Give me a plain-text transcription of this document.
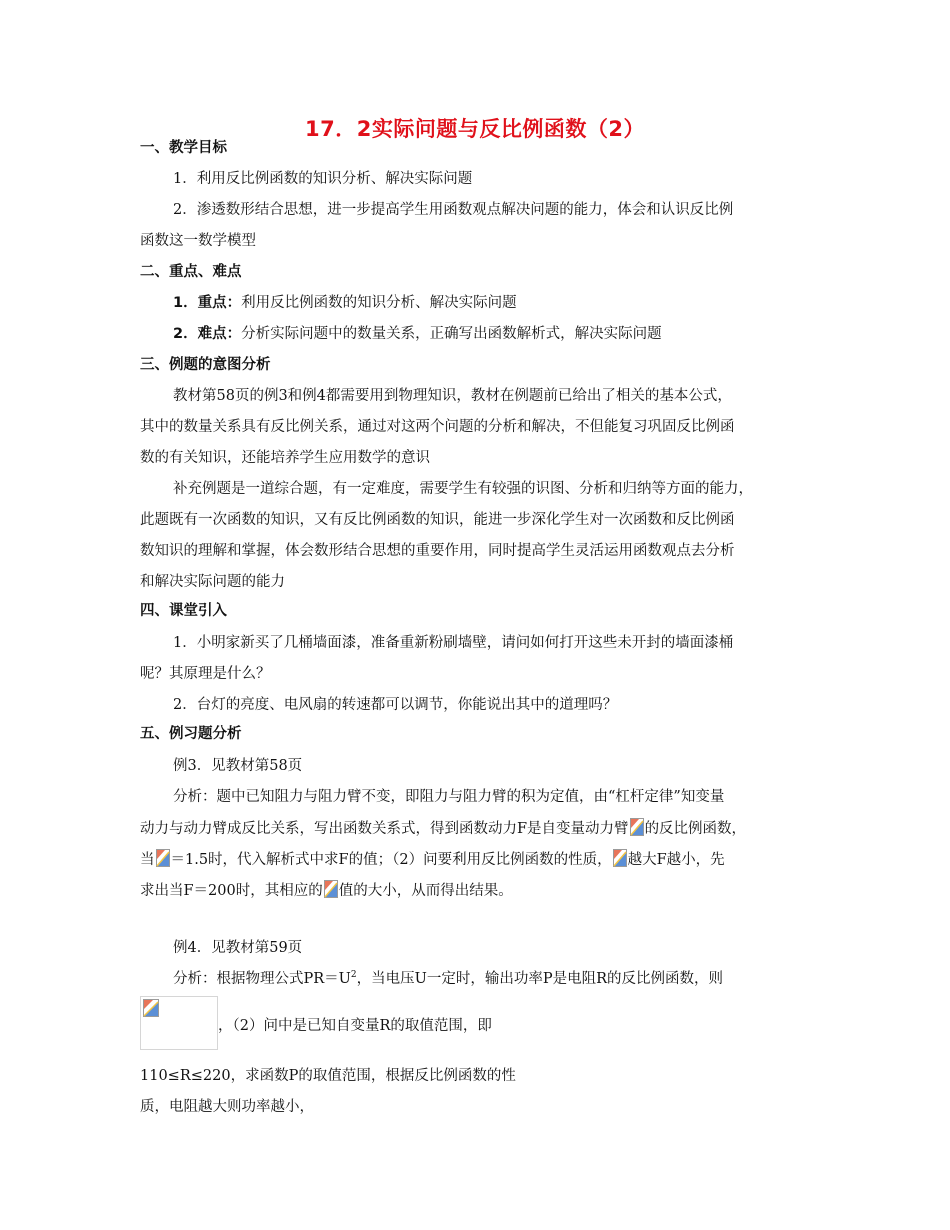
17．2实际问题与反比例函数（2）
一、教学目标
1．利用反比例函数的知识分析、解决实际问题
2．渗透数形结合思想，进一步提高学生用函数观点解决问题的能力，体会和认识反比例
函数这一数学模型
二、重点、难点
1．重点：利用反比例函数的知识分析、解决实际问题
2．难点：分析实际问题中的数量关系，正确写出函数解析式，解决实际问题
三、例题的意图分析
教材第58页的例3和例4都需要用到物理知识，教材在例题前已给出了相关的基本公式，
其中的数量关系具有反比例关系，通过对这两个问题的分析和解决，不但能复习巩固反比例函
数的有关知识，还能培养学生应用数学的意识
补充例题是一道综合题，有一定难度，需要学生有较强的识图、分析和归纳等方面的能力，
此题既有一次函数的知识，又有反比例函数的知识，能进一步深化学生对一次函数和反比例函
数知识的理解和掌握，体会数形结合思想的重要作用，同时提高学生灵活运用函数观点去分析
和解决实际问题的能力
四、课堂引入
1．小明家新买了几桶墙面漆，准备重新粉刷墙壁，请问如何打开这些未开封的墙面漆桶
呢？其原理是什么？
2．台灯的亮度、电风扇的转速都可以调节，你能说出其中的道理吗？
五、例习题分析
例3．见教材第58页
分析：题中已知阻力与阻力臂不变，即阻力与阻力臂的积为定值，由“杠杆定律”知变量
动力与动力臂成反比关系，写出函数关系式，得到函数动力F是自变量动力臂 的反比例函数，
当 ＝1.5时，代入解析式中求F的值；（2）问要利用反比例函数的性质， 越大F越小，先
求出当F＝200时，其相应的 值的大小，从而得出结果。
例4．见教材第59页
分析：根据物理公式$PR=U^2$，当电压U一定时，输出功率P是电阻R的反比例函数，则
，（2）问中是已知自变量R的取值范围，即
110≤R≤220，求函数P的取值范围，根据反比例函数的性
质，电阻越大则功率越小，
